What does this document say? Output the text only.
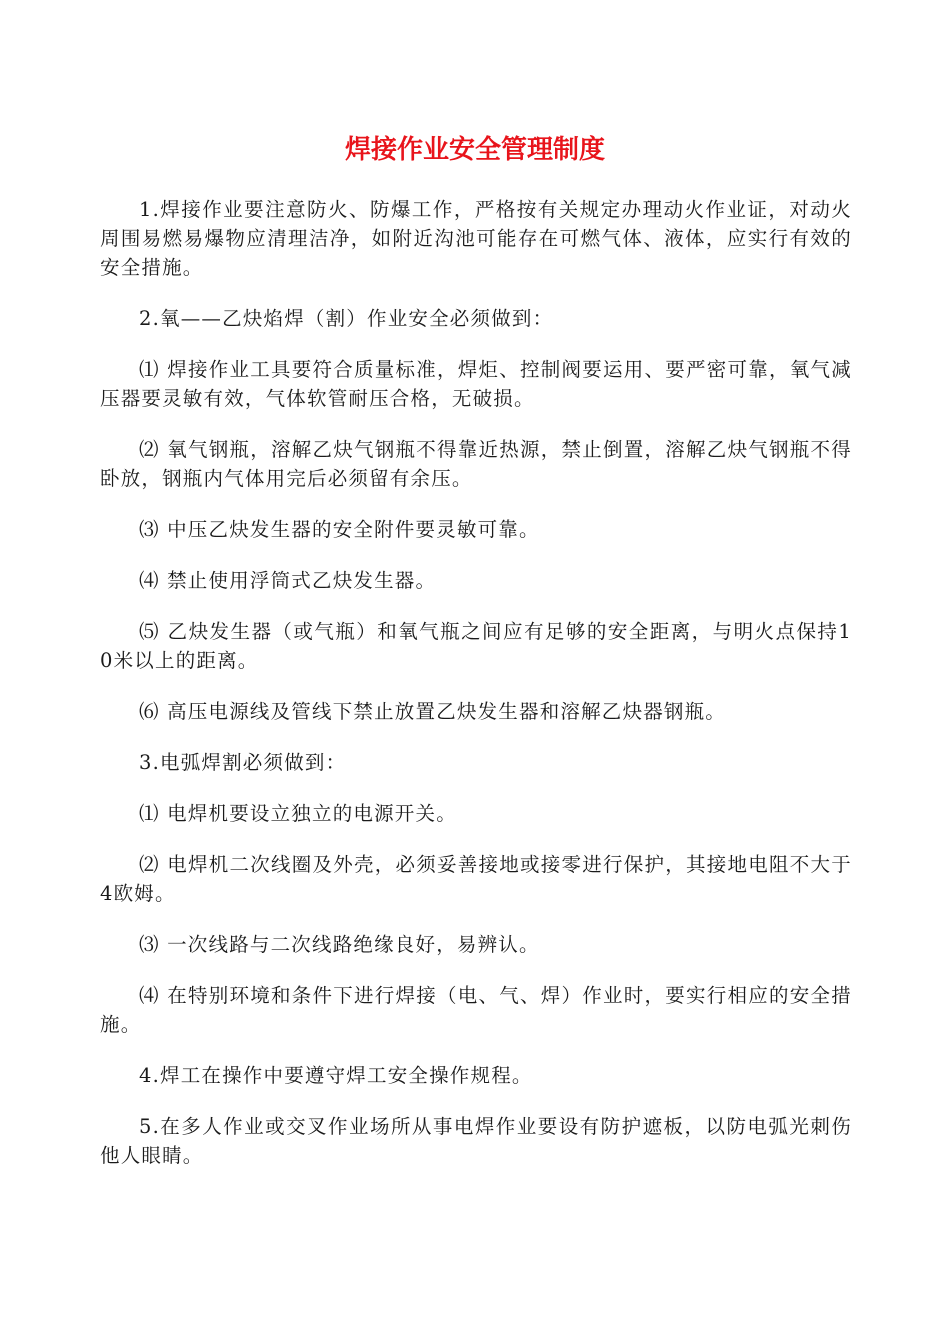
焊接作业安全管理制度

1.焊接作业要注意防火、防爆工作，严格按有关规定办理动火作业证，对动火周围易燃易爆物应清理洁净，如附近沟池可能存在可燃气体、液体，应实行有效的安全措施。

2.氧——乙炔焰焊（割）作业安全必须做到：

⑴ 焊接作业工具要符合质量标准，焊炬、控制阀要运用、要严密可靠，氧气减压器要灵敏有效，气体软管耐压合格，无破损。

⑵ 氧气钢瓶，溶解乙炔气钢瓶不得靠近热源，禁止倒置，溶解乙炔气钢瓶不得卧放，钢瓶内气体用完后必须留有余压。

⑶ 中压乙炔发生器的安全附件要灵敏可靠。

⑷ 禁止使用浮筒式乙炔发生器。

⑸ 乙炔发生器（或气瓶）和氧气瓶之间应有足够的安全距离，与明火点保持10米以上的距离。

⑹ 高压电源线及管线下禁止放置乙炔发生器和溶解乙炔器钢瓶。

3.电弧焊割必须做到：

⑴ 电焊机要设立独立的电源开关。

⑵ 电焊机二次线圈及外壳，必须妥善接地或接零进行保护，其接地电阻不大于4欧姆。

⑶ 一次线路与二次线路绝缘良好，易辨认。

⑷ 在特别环境和条件下进行焊接（电、气、焊）作业时，要实行相应的安全措施。

4.焊工在操作中要遵守焊工安全操作规程。

5.在多人作业或交叉作业场所从事电焊作业要设有防护遮板，以防电弧光刺伤他人眼睛。
